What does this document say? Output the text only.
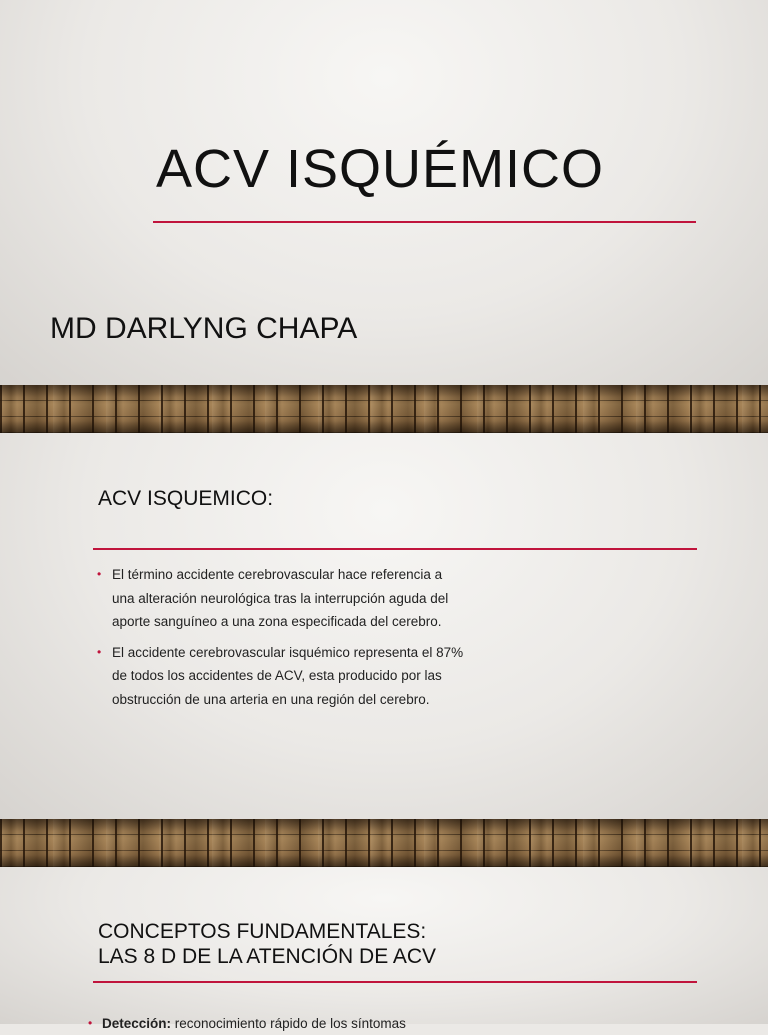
ACV ISQUÉMICO
MD DARLYNG CHAPA
ACV ISQUEMICO:
• El término accidente cerebrovascular hace referencia a una alteración neurológica tras la interrupción aguda del aporte sanguíneo a una zona especificada del cerebro.
• El accidente cerebrovascular isquémico representa el 87% de todos los accidentes de ACV, esta producido por las obstrucción de una arteria en una región del cerebro.
CONCEPTOS FUNDAMENTALES:
LAS 8 D DE LA ATENCIÓN DE ACV
• Detección: reconocimiento rápido de los síntomas
